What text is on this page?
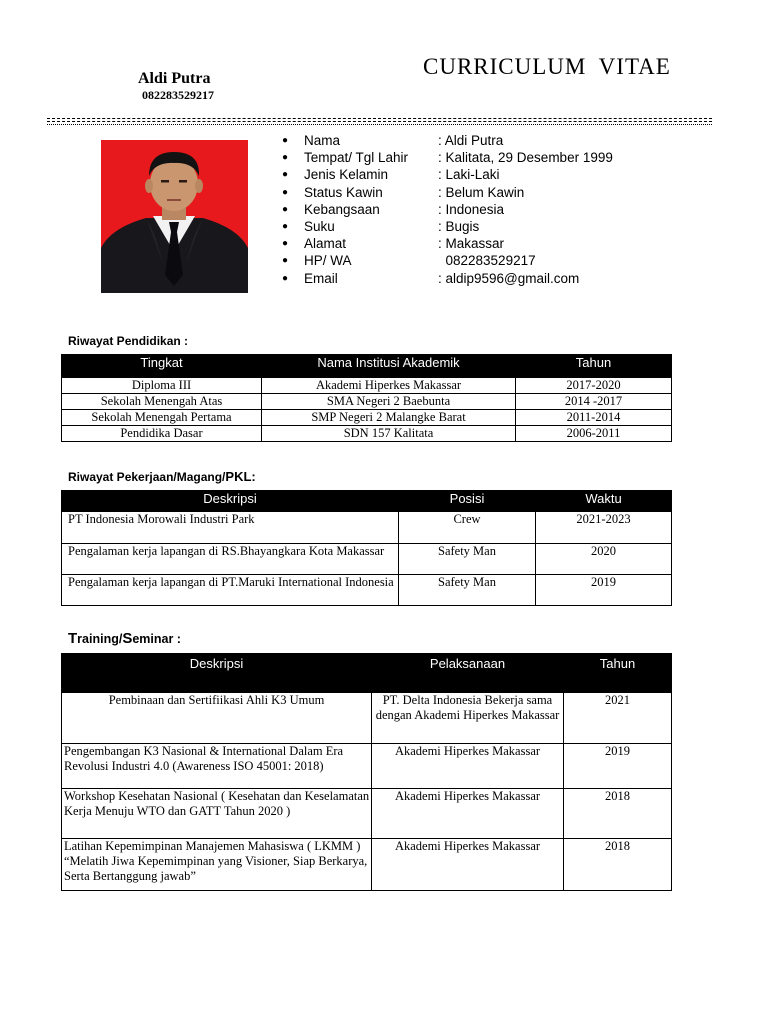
CURRICULUM VITAE
Aldi Putra
082283529217
●	Nama	: Aldi Putra
●	Tempat/ Tgl Lahir	: Kalitata, 29 Desember 1999
●	Jenis Kelamin	: Laki-Laki
●	Status Kawin	: Belum Kawin
●	Kebangsaan	: Indonesia
●	Suku	: Bugis
●	Alamat	: Makassar
●	HP/ WA	082283529217
●	Email	: aldip9596@gmail.com
Riwayat Pendidikan :
Tingkat	Nama Institusi Akademik	Tahun
Diploma III	Akademi Hiperkes Makassar	2017-2020
Sekolah Menengah Atas	SMA Negeri 2 Baebunta	2014 -2017
Sekolah Menengah Pertama	SMP Negeri 2 Malangke Barat	2011-2014
Pendidika Dasar	SDN 157 Kalitata	2006-2011
Riwayat Pekerjaan/Magang/PKL:
Deskripsi	Posisi	Waktu
PT Indonesia Morowali Industri Park	Crew	2021-2023
Pengalaman kerja lapangan di RS.Bhayangkara Kota Makassar	Safety Man	2020
Pengalaman kerja lapangan di PT.Maruki International Indonesia	Safety Man	2019
Training/Seminar :
Deskripsi	Pelaksanaan	Tahun
Pembinaan dan Sertifiikasi Ahli K3 Umum	PT. Delta Indonesia Bekerja sama dengan Akademi Hiperkes Makassar	2021
Pengembangan K3 Nasional & International Dalam Era Revolusi Industri 4.0 (Awareness ISO 45001: 2018)	Akademi Hiperkes Makassar	2019
Workshop Kesehatan Nasional ( Kesehatan dan Keselamatan Kerja Menuju WTO dan GATT Tahun 2020 )	Akademi Hiperkes Makassar	2018
Latihan Kepemimpinan Manajemen Mahasiswa ( LKMM ) “Melatih Jiwa Kepemimpinan yang Visioner, Siap Berkarya, Serta Bertanggung jawab”	Akademi Hiperkes Makassar	2018
